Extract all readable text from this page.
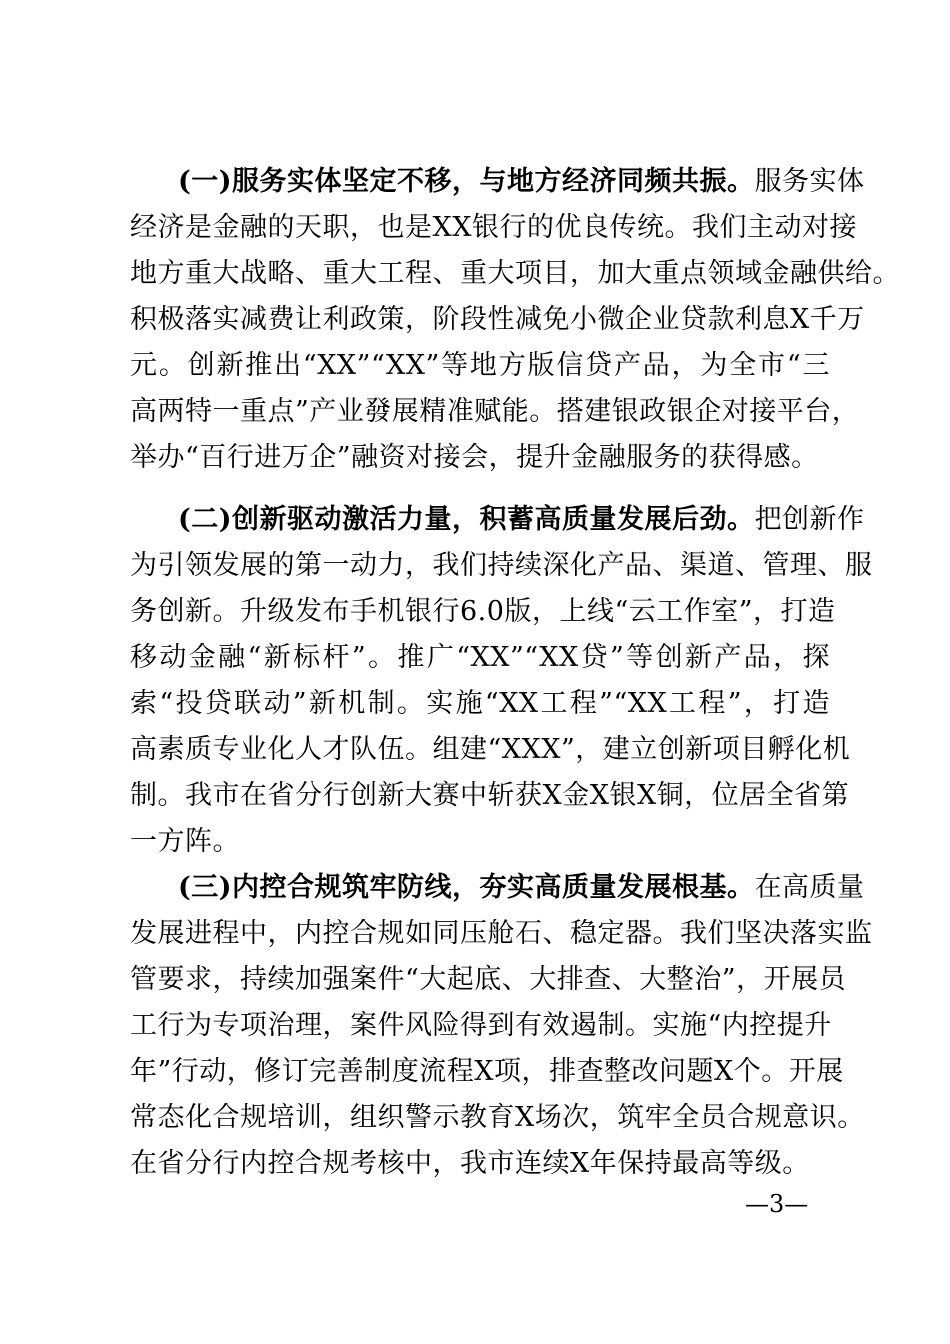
(一)服务实体坚定不移，与地方经济同频共振。服务实体
经济是金融的天职，也是XX银行的优良传统。我们主动对接
地方重大战略、重大工程、重大项目，加大重点领域金融供给。
积极落实减费让利政策，阶段性减免小微企业贷款利息X千万
元。创新推出“XX”“XX”等地方版信贷产品，为全市“三
高两特一重点”产业發展精准赋能。搭建银政银企对接平台，
举办“百行进万企”融资对接会，提升金融服务的获得感。
(二)创新驱动激活力量，积蓄高质量发展后劲。把创新作
为引领发展的第一动力，我们持续深化产品、渠道、管理、服
务创新。升级发布手机银行6.0版，上线“云工作室”，打造
移动金融“新标杆”。推广“XX”“XX贷”等创新产品，探
索“投贷联动”新机制。实施“XX工程”“XX工程”，打造
高素质专业化人才队伍。组建“XXX”，建立创新项目孵化机
制。我市在省分行创新大赛中斩获X金X银X铜，位居全省第
一方阵。
(三)内控合规筑牢防线，夯实高质量发展根基。在高质量
发展进程中，内控合规如同压舱石、稳定器。我们坚决落实监
管要求，持续加强案件“大起底、大排查、大整治”，开展员
工行为专项治理，案件风险得到有效遏制。实施“内控提升
年”行动，修订完善制度流程X项，排查整改问题X个。开展
常态化合规培训，组织警示教育X场次，筑牢全员合规意识。
在省分行内控合规考核中，我市连续X年保持最高等级。
—3—
